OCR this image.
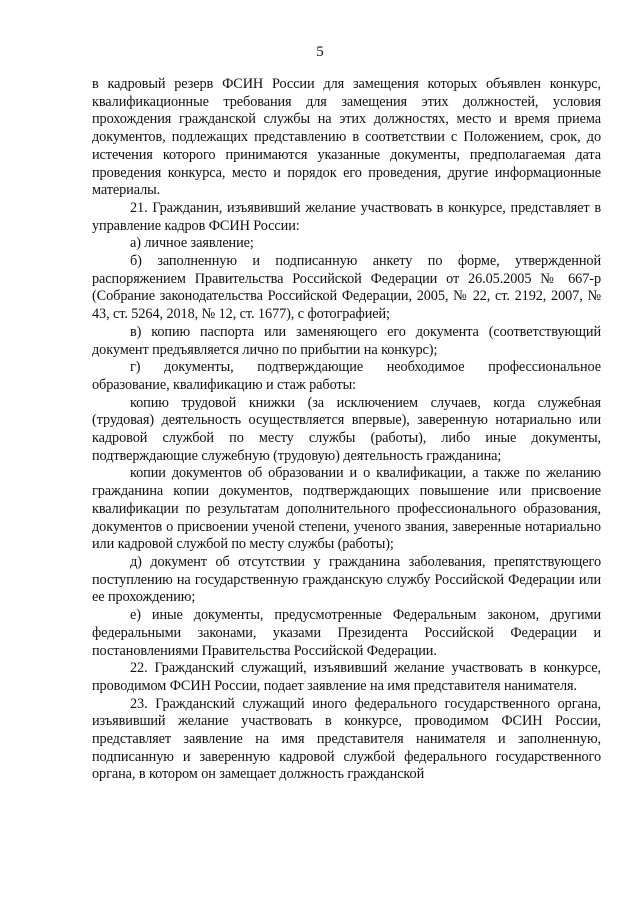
5

в кадровый резерв ФСИН России для замещения которых объявлен конкурс, квалификационные требования для замещения этих должностей, условия прохождения гражданской службы на этих должностях, место и время приема документов, подлежащих представлению в соответствии с Положением, срок, до истечения которого принимаются указанные документы, предполагаемая дата проведения конкурса, место и порядок его проведения, другие информационные материалы.

21. Гражданин, изъявивший желание участвовать в конкурсе, представляет в управление кадров ФСИН России:

а) личное заявление;

б) заполненную и подписанную анкету по форме, утвержденной распоряжением Правительства Российской Федерации от 26.05.2005 № 667-р (Собрание законодательства Российской Федерации, 2005, № 22, ст. 2192, 2007, № 43, ст. 5264, 2018, № 12, ст. 1677), с фотографией;

в) копию паспорта или заменяющего его документа (соответствующий документ предъявляется лично по прибытии на конкурс);

г) документы, подтверждающие необходимое профессиональное образование, квалификацию и стаж работы:

копию трудовой книжки (за исключением случаев, когда служебная (трудовая) деятельность осуществляется впервые), заверенную нотариально или кадровой службой по месту службы (работы), либо иные документы, подтверждающие служебную (трудовую) деятельность гражданина;

копии документов об образовании и о квалификации, а также по желанию гражданина копии документов, подтверждающих повышение или присвоение квалификации по результатам дополнительного профессионального образования, документов о присвоении ученой степени, ученого звания, заверенные нотариально или кадровой службой по месту службы (работы);

д) документ об отсутствии у гражданина заболевания, препятствующего поступлению на государственную гражданскую службу Российской Федерации или ее прохождению;

е) иные документы, предусмотренные Федеральным законом, другими федеральными законами, указами Президента Российской Федерации и постановлениями Правительства Российской Федерации.

22. Гражданский служащий, изъявивший желание участвовать в конкурсе, проводимом ФСИН России, подает заявление на имя представителя нанимателя.

23. Гражданский служащий иного федерального государственного органа, изъявивший желание участвовать в конкурсе, проводимом ФСИН России, представляет заявление на имя представителя нанимателя и заполненную, подписанную и заверенную кадровой службой федерального государственного органа, в котором он замещает должность гражданской
